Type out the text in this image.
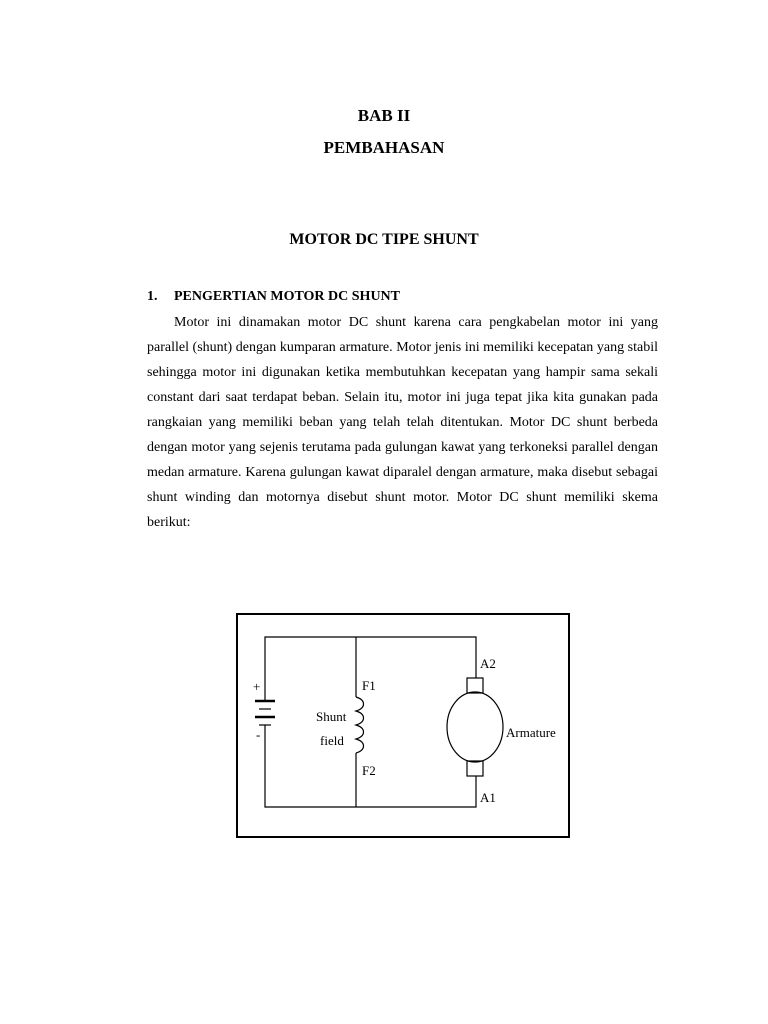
BAB II
PEMBAHASAN
MOTOR DC TIPE SHUNT
1. PENGERTIAN MOTOR DC SHUNT

Motor ini dinamakan motor DC shunt karena cara pengkabelan motor ini yang parallel (shunt) dengan kumparan armature. Motor jenis ini memiliki kecepatan yang stabil sehingga motor ini digunakan ketika membutuhkan kecepatan yang hampir sama sekali constant dari saat terdapat beban. Selain itu, motor ini juga tepat jika kita gunakan pada rangkaian yang memiliki beban yang telah telah ditentukan. Motor DC shunt berbeda dengan motor yang sejenis terutama pada gulungan kawat yang terkoneksi parallel dengan medan armature. Karena gulungan kawat diparalel dengan armature, maka disebut sebagai shunt winding dan motornya disebut shunt motor. Motor DC shunt memiliki skema berikut:

+
-
Shunt
field
F1
F2
A2
A1
Armature
